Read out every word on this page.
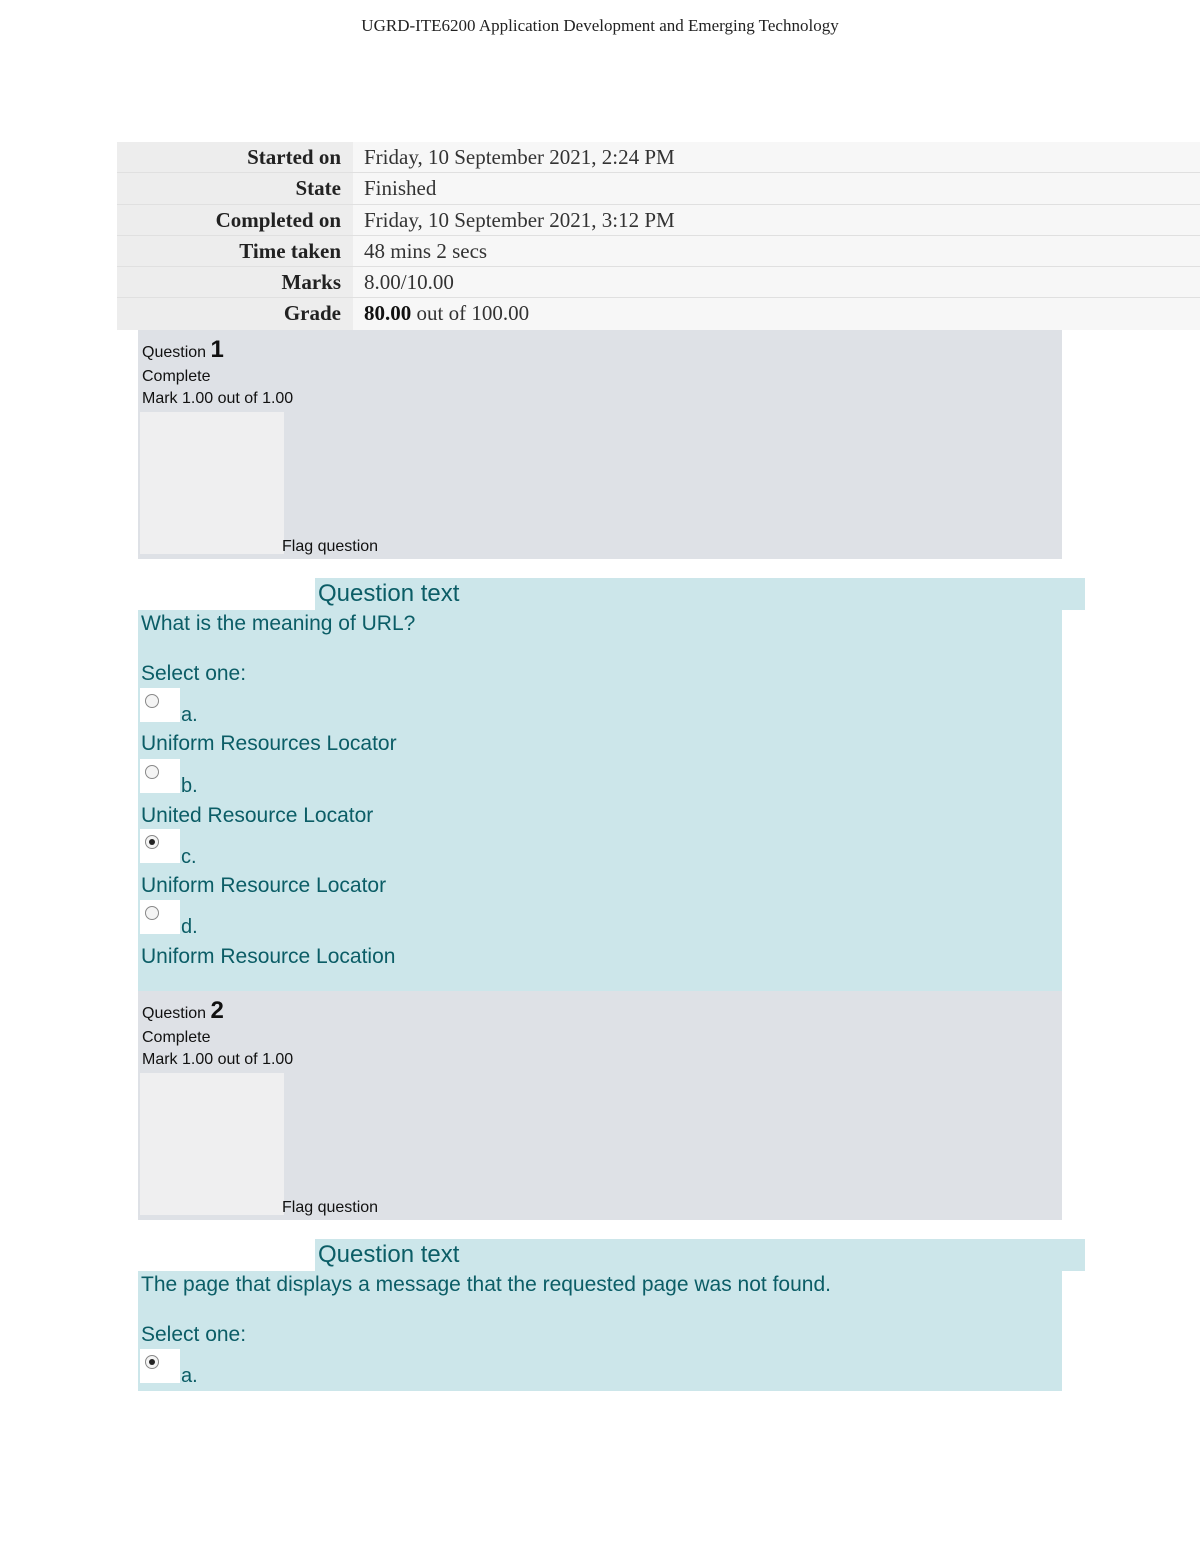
UGRD-ITE6200 Application Development and Emerging Technology
Started on	Friday, 10 September 2021, 2:24 PM
State	Finished
Completed on	Friday, 10 September 2021, 3:12 PM
Time taken	48 mins 2 secs
Marks	8.00/10.00
Grade	80.00 out of 100.00
Question 1
Complete
Mark 1.00 out of 1.00
Flag question
Question text
What is the meaning of URL?
Select one:
a.
Uniform Resources Locator
b.
United Resource Locator
c.
Uniform Resource Locator
d.
Uniform Resource Location
Question 2
Complete
Mark 1.00 out of 1.00
Flag question
Question text
The page that displays a message that the requested page was not found.
Select one:
a.
